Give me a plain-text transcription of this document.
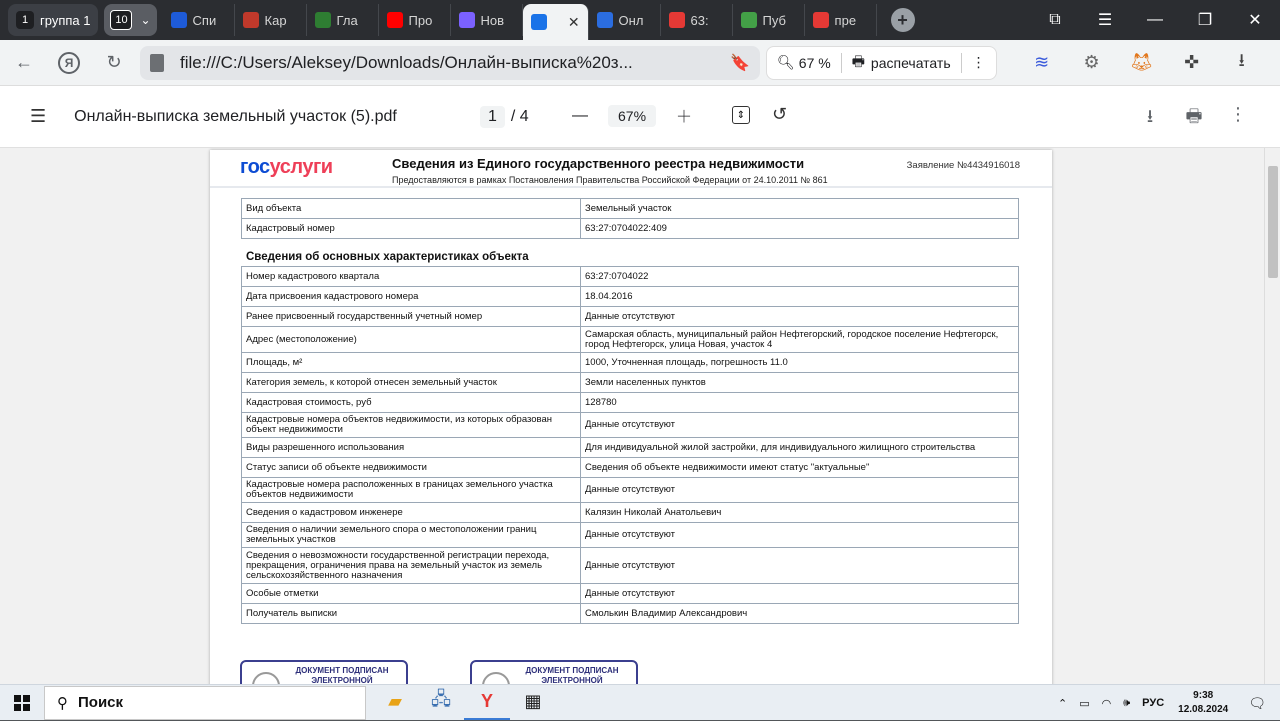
1 группа 1	10	⌄	Спи	Кар	Гла	Про	Нов	✕	Онл	63:	Пуб	пре	+	⧉	☰	—	❐	✕
←	Я	↻	file:///C:/Users/Aleksey/Downloads/Онлайн-выписка%20з...	🔖 🔍︎ 67 % 🖶 распечатать ⋮	≋	⚙	🦊︎	✜	⭳
☰ Онлайн-выписка земельный участок (5).pdf	1 / 4	—	67%	＋	⇕ ↺	⭳	🖶	⋮
госуслуги	Сведения из Единого государственного реестра недвижимости
Предоставляются в рамках Постановления Правительства Российской Федерации от 24.10.2011 № 861
Заявление №4434916018
Вид объекта	Земельный участок
Кадастровый номер	63:27:0704022:409
Сведения об основных характеристиках объекта
Номер кадастрового квартала	63:27:0704022
Дата присвоения кадастрового номера	18.04.2016
Ранее присвоенный государственный учетный номер	Данные отсутствуют
Адрес (местоположение)	Самарская область, муниципальный район Нефтегорский, городское поселение Нефтегорск, город Нефтегорск, улица Новая, участок 4
Площадь, м²	1000, Уточненная площадь, погрешность 11.0
Категория земель, к которой отнесен земельный участок	Земли населенных пунктов
Кадастровая стоимость, руб	128780
Кадастровые номера объектов недвижимости, из которых образован объект недвижимости	Данные отсутствуют
Виды разрешенного использования	Для индивидуальной жилой застройки, для индивидуального жилищного строительства
Статус записи об объекте недвижимости	Сведения об объекте недвижимости имеют статус "актуальные"
Кадастровые номера расположенных в границах земельного участка объектов недвижимости	Данные отсутствуют
Сведения о кадастровом инженере	Калязин Николай Анатольевич
Сведения о наличии земельного спора о местоположении границ земельных участков	Данные отсутствуют
Сведения о невозможности государственной регистрации перехода, прекращения, ограничения права на земельный участок из земель сельскохозяйственного назначения	Данные отсутствуют
Особые отметки	Данные отсутствуют
Получатель выписки	Смолькин Владимир Александрович
ДОКУМЕНТ ПОДПИСАН ЭЛЕКТРОННОЙ
ДОКУМЕНТ ПОДПИСАН ЭЛЕКТРОННОЙ
⚲ Поиск	▰	🖧	Y	▦	⌃ ▭ ◠ 🕪 РУС
9:38
12.08.2024 🗨
